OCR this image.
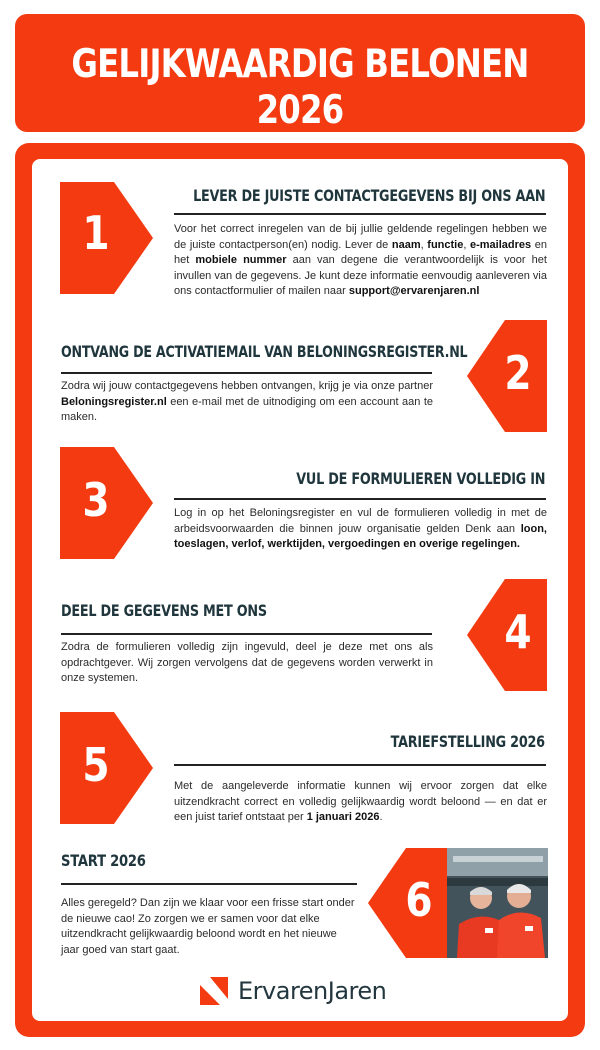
GELIJKWAARDIG BELONEN 2026
1
LEVER DE JUISTE CONTACTGEGEVENS BIJ ONS AAN
Voor het correct inregelen van de bij jullie geldende regelingen hebben we de juiste contactperson(en) nodig. Lever de naam, functie, e-mailadres en het mobiele nummer aan van degene die verantwoordelijk is voor het invullen van de gegevens. Je kunt deze informatie eenvoudig aanleveren via ons contactformulier of mailen naar support@ervarenjaren.nl
2
ONTVANG DE ACTIVATIEMAIL VAN BELONINGSREGISTER.NL
Zodra wij jouw contactgegevens hebben ontvangen, krijg je via onze partner Beloningsregister.nl een e-mail met de uitnodiging om een account aan te maken.
3	VUL DE FORMULIEREN VOLLEDIG IN
Log in op het Beloningsregister en vul de formulieren volledig in met de arbeidsvoorwaarden die binnen jouw organisatie gelden Denk aan loon, toeslagen, verlof, werktijden, vergoedingen en overige regelingen.
4
DEEL DE GEGEVENS MET ONS
Zodra de formulieren volledig zijn ingevuld, deel je deze met ons als opdrachtgever. Wij zorgen vervolgens dat de gegevens worden verwerkt in onze systemen.
5	TARIEFSTELLING 2026
Met de aangeleverde informatie kunnen wij ervoor zorgen dat elke uitzendkracht correct en volledig gelijkwaardig wordt beloond — en dat er een juist tarief ontstaat per 1 januari 2026.
6
START 2026
Alles geregeld? Dan zijn we klaar voor een frisse start onder de nieuwe cao! Zo zorgen we er samen voor dat elke uitzendkracht gelijkwaardig beloond wordt en het nieuwe jaar goed van start gaat.
ErvarenJaren
